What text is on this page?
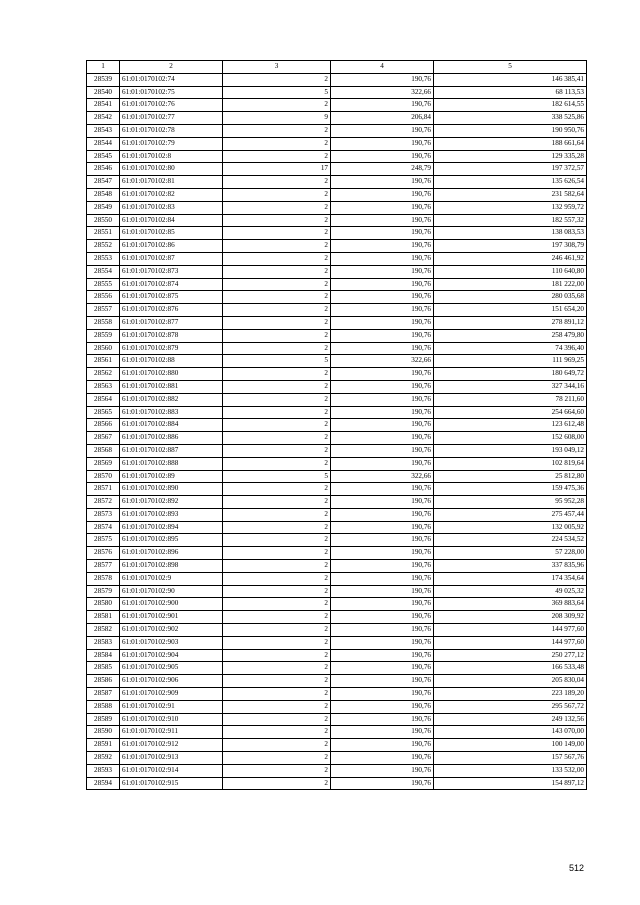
1	2	3	4	5
28539	61:01:0170102:74	2	190,76	146 385,41
28540	61:01:0170102:75	5	322,66	68 113,53
28541	61:01:0170102:76	2	190,76	182 614,55
28542	61:01:0170102:77	9	206,84	338 525,86
28543	61:01:0170102:78	2	190,76	190 950,76
28544	61:01:0170102:79	2	190,76	188 661,64
28545	61:01:0170102:8	2	190,76	129 335,28
28546	61:01:0170102:80	17	248,79	197 372,57
28547	61:01:0170102:81	2	190,76	135 626,54
28548	61:01:0170102:82	2	190,76	231 582,64
28549	61:01:0170102:83	2	190,76	132 959,72
28550	61:01:0170102:84	2	190,76	182 557,32
28551	61:01:0170102:85	2	190,76	138 083,53
28552	61:01:0170102:86	2	190,76	197 308,79
28553	61:01:0170102:87	2	190,76	246 461,92
28554	61:01:0170102:873	2	190,76	110 640,80
28555	61:01:0170102:874	2	190,76	181 222,00
28556	61:01:0170102:875	2	190,76	280 035,68
28557	61:01:0170102:876	2	190,76	151 654,20
28558	61:01:0170102:877	2	190,76	278 891,12
28559	61:01:0170102:878	2	190,76	258 479,80
28560	61:01:0170102:879	2	190,76	74 396,40
28561	61:01:0170102:88	5	322,66	111 969,25
28562	61:01:0170102:880	2	190,76	180 649,72
28563	61:01:0170102:881	2	190,76	327 344,16
28564	61:01:0170102:882	2	190,76	78 211,60
28565	61:01:0170102:883	2	190,76	254 664,60
28566	61:01:0170102:884	2	190,76	123 612,48
28567	61:01:0170102:886	2	190,76	152 608,00
28568	61:01:0170102:887	2	190,76	193 049,12
28569	61:01:0170102:888	2	190,76	102 819,64
28570	61:01:0170102:89	5	322,66	25 812,80
28571	61:01:0170102:890	2	190,76	159 475,36
28572	61:01:0170102:892	2	190,76	95 952,28
28573	61:01:0170102:893	2	190,76	275 457,44
28574	61:01:0170102:894	2	190,76	132 005,92
28575	61:01:0170102:895	2	190,76	224 534,52
28576	61:01:0170102:896	2	190,76	57 228,00
28577	61:01:0170102:898	2	190,76	337 835,96
28578	61:01:0170102:9	2	190,76	174 354,64
28579	61:01:0170102:90	2	190,76	49 025,32
28580	61:01:0170102:900	2	190,76	369 883,64
28581	61:01:0170102:901	2	190,76	208 309,92
28582	61:01:0170102:902	2	190,76	144 977,60
28583	61:01:0170102:903	2	190,76	144 977,60
28584	61:01:0170102:904	2	190,76	250 277,12
28585	61:01:0170102:905	2	190,76	166 533,48
28586	61:01:0170102:906	2	190,76	205 830,04
28587	61:01:0170102:909	2	190,76	223 189,20
28588	61:01:0170102:91	2	190,76	295 567,72
28589	61:01:0170102:910	2	190,76	249 132,56
28590	61:01:0170102:911	2	190,76	143 070,00
28591	61:01:0170102:912	2	190,76	100 149,00
28592	61:01:0170102:913	2	190,76	157 567,76
28593	61:01:0170102:914	2	190,76	133 532,00
28594	61:01:0170102:915	2	190,76	154 897,12
512
